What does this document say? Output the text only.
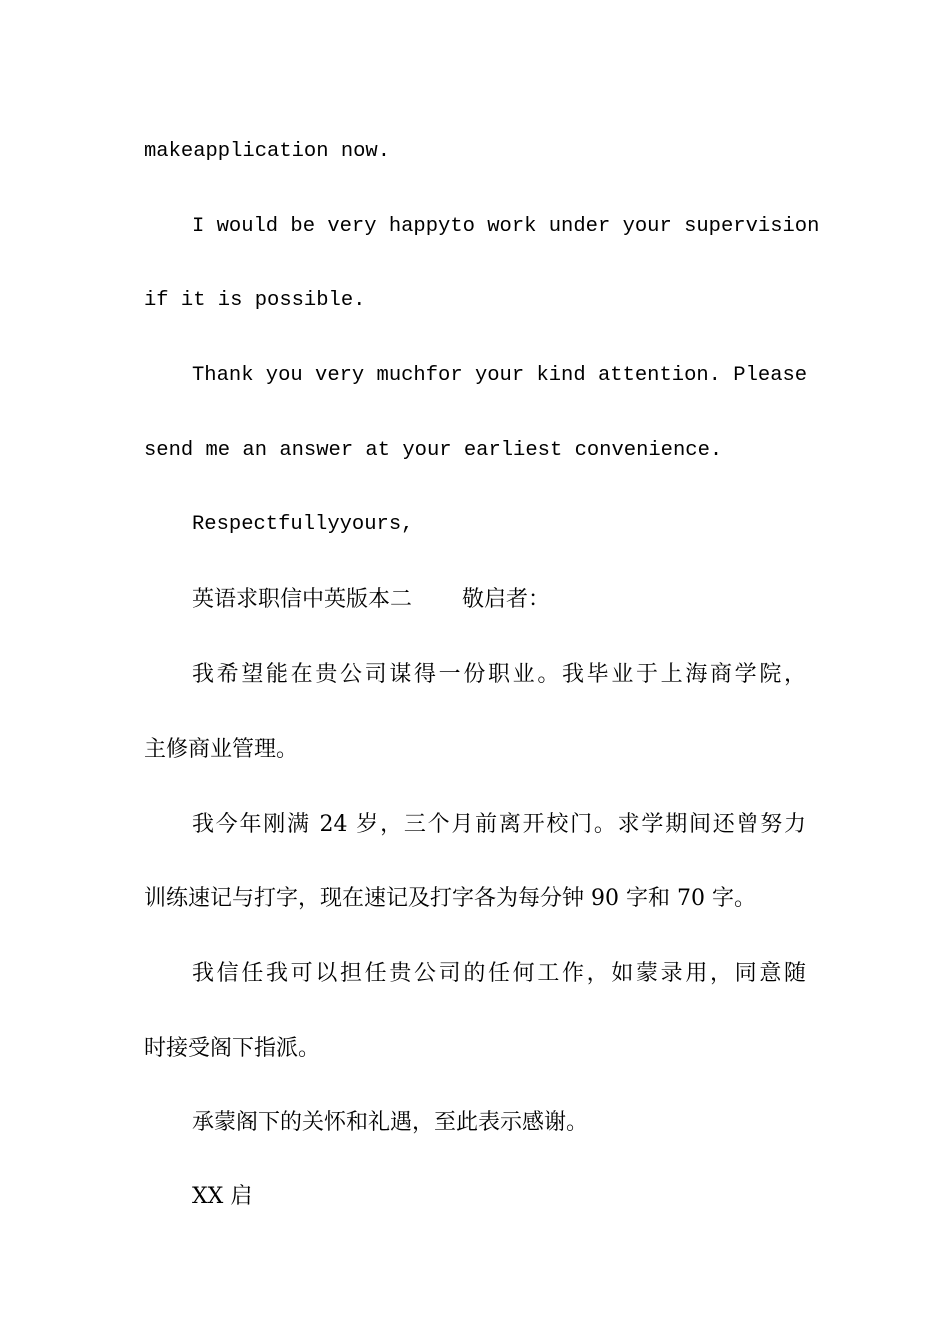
makeapplication now.
I would be very happyto work under your supervision
if it is possible.
Thank you very muchfor your kind attention. Please
send me an answer at your earliest convenience.
Respectfullyyours,
英语求职信中英版本二 敬启者：
我希望能在贵公司谋得一份职业。我毕业于上海商学院，
主修商业管理。
我今年刚满 24 岁，三个月前离开校门。求学期间还曾努力
训练速记与打字，现在速记及打字各为每分钟 90 字和 70 字。
我信任我可以担任贵公司的任何工作，如蒙录用，同意随
时接受阁下指派。
承蒙阁下的关怀和礼遇，至此表示感谢。
XX 启
